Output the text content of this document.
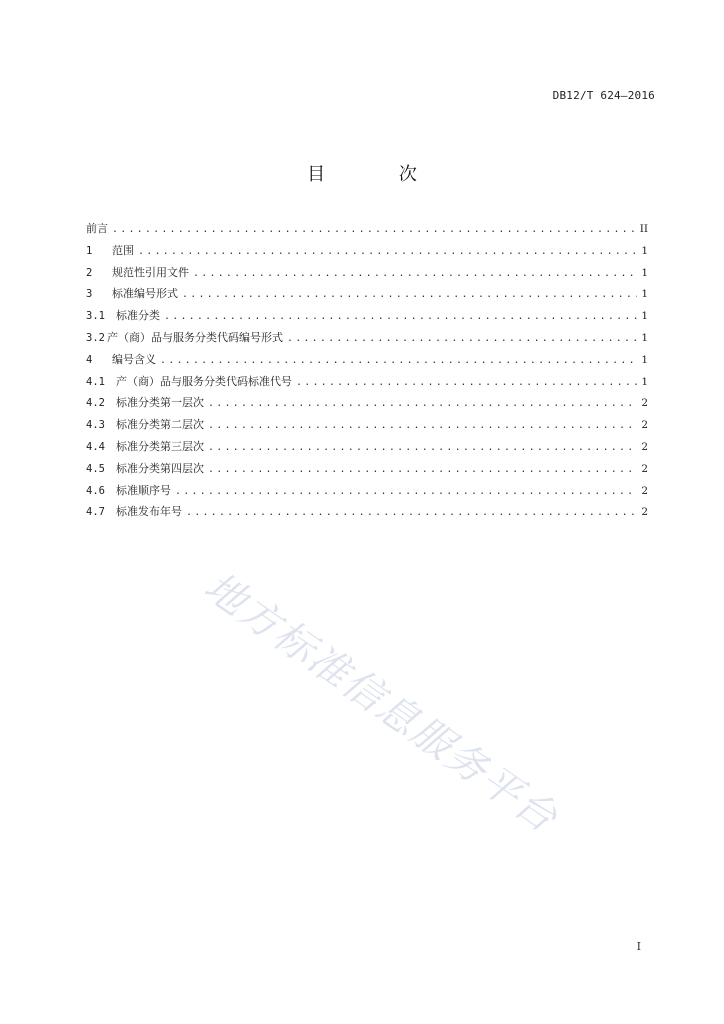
DB12/T 624—2016
目 次
前言 .....	II
1	范围 .....	1
2	规范性引用文件 .....	1
3	标准编号形式 .....	1
3.1	标准分类 .....	1
3.2 产（商）品与服务分类代码编号形式 .....	1
4	编号含义 .....	1
4.1	产（商）品与服务分类代码标准代号 .....	1
4.2	标准分类第一层次 .....	2
4.3	标准分类第二层次 .....	2
4.4	标准分类第三层次 .....	2
4.5	标准分类第四层次 .....	2
4.6	标准顺序号 .....	2
4.7	标准发布年号 .....	2
地方标准信息服务平台
I
